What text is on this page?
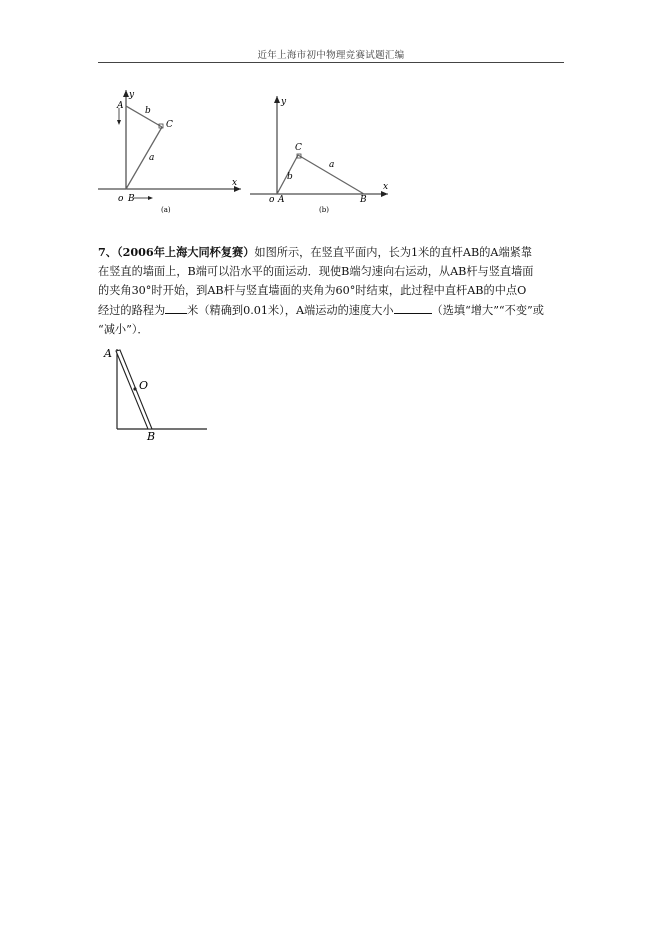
近年上海市初中物理竞赛试题汇编
y
x
A
C
b
a
o B
(a)
y
x
C
b
a
o A	B
(b)
7、（2006年上海大同杯复赛）如图所示，在竖直平面内，长为1米的直杆AB的A端紧靠
在竖直的墙面上，B端可以沿水平的面运动．现使B端匀速向右运动，从AB杆与竖直墙面
的夹角30°时开始，到AB杆与竖直墙面的夹角为60°时结束，此过程中直杆AB的中点O
经过的路程为 米（精确到0.01米），A端运动的速度大小	（选填“增大”“不变”或
“减小”）．
A
O
B
